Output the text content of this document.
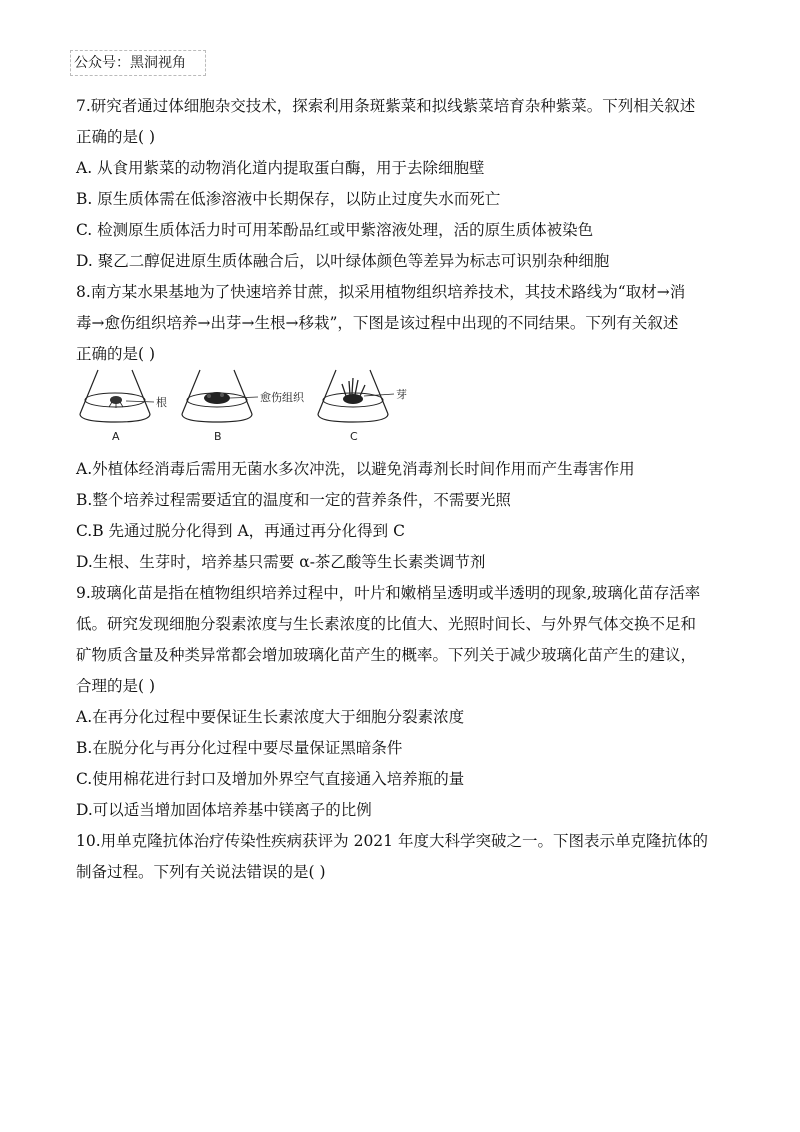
公众号：黑洞视角
7.研究者通过体细胞杂交技术，探索利用条斑紫菜和拟线紫菜培育杂种紫菜。下列相关叙述
正确的是( )
A. 从食用紫菜的动物消化道内提取蛋白酶，用于去除细胞壁
B. 原生质体需在低渗溶液中长期保存，以防止过度失水而死亡
C. 检测原生质体活力时可用苯酚品红或甲紫溶液处理，活的原生质体被染色
D. 聚乙二醇促进原生质体融合后，以叶绿体颜色等差异为标志可识别杂种细胞
8.南方某水果基地为了快速培养甘蔗，拟采用植物组织培养技术，其技术路线为“取材→消
毒→愈伤组织培养→出芽→生根→移栽”，下图是该过程中出现的不同结果。下列有关叙述
正确的是( )
根
A
愈伤组织
B
芽
C
A.外植体经消毒后需用无菌水多次冲洗，以避免消毒剂长时间作用而产生毒害作用
B.整个培养过程需要适宜的温度和一定的营养条件，不需要光照
C.B 先通过脱分化得到 A，再通过再分化得到 C
D.生根、生芽时，培养基只需要 α-茶乙酸等生长素类调节剂
9.玻璃化苗是指在植物组织培养过程中，叶片和嫩梢呈透明或半透明的现象,玻璃化苗存活率
低。研究发现细胞分裂素浓度与生长素浓度的比值大、光照时间长、与外界气体交换不足和
矿物质含量及种类异常都会增加玻璃化苗产生的概率。下列关于减少玻璃化苗产生的建议，
合理的是( )
A.在再分化过程中要保证生长素浓度大于细胞分裂素浓度
B.在脱分化与再分化过程中要尽量保证黑暗条件
C.使用棉花进行封口及增加外界空气直接通入培养瓶的量
D.可以适当增加固体培养基中镁离子的比例
10.用单克隆抗体治疗传染性疾病获评为 2021 年度大科学突破之一。下图表示单克隆抗体的
制备过程。下列有关说法错误的是( )
